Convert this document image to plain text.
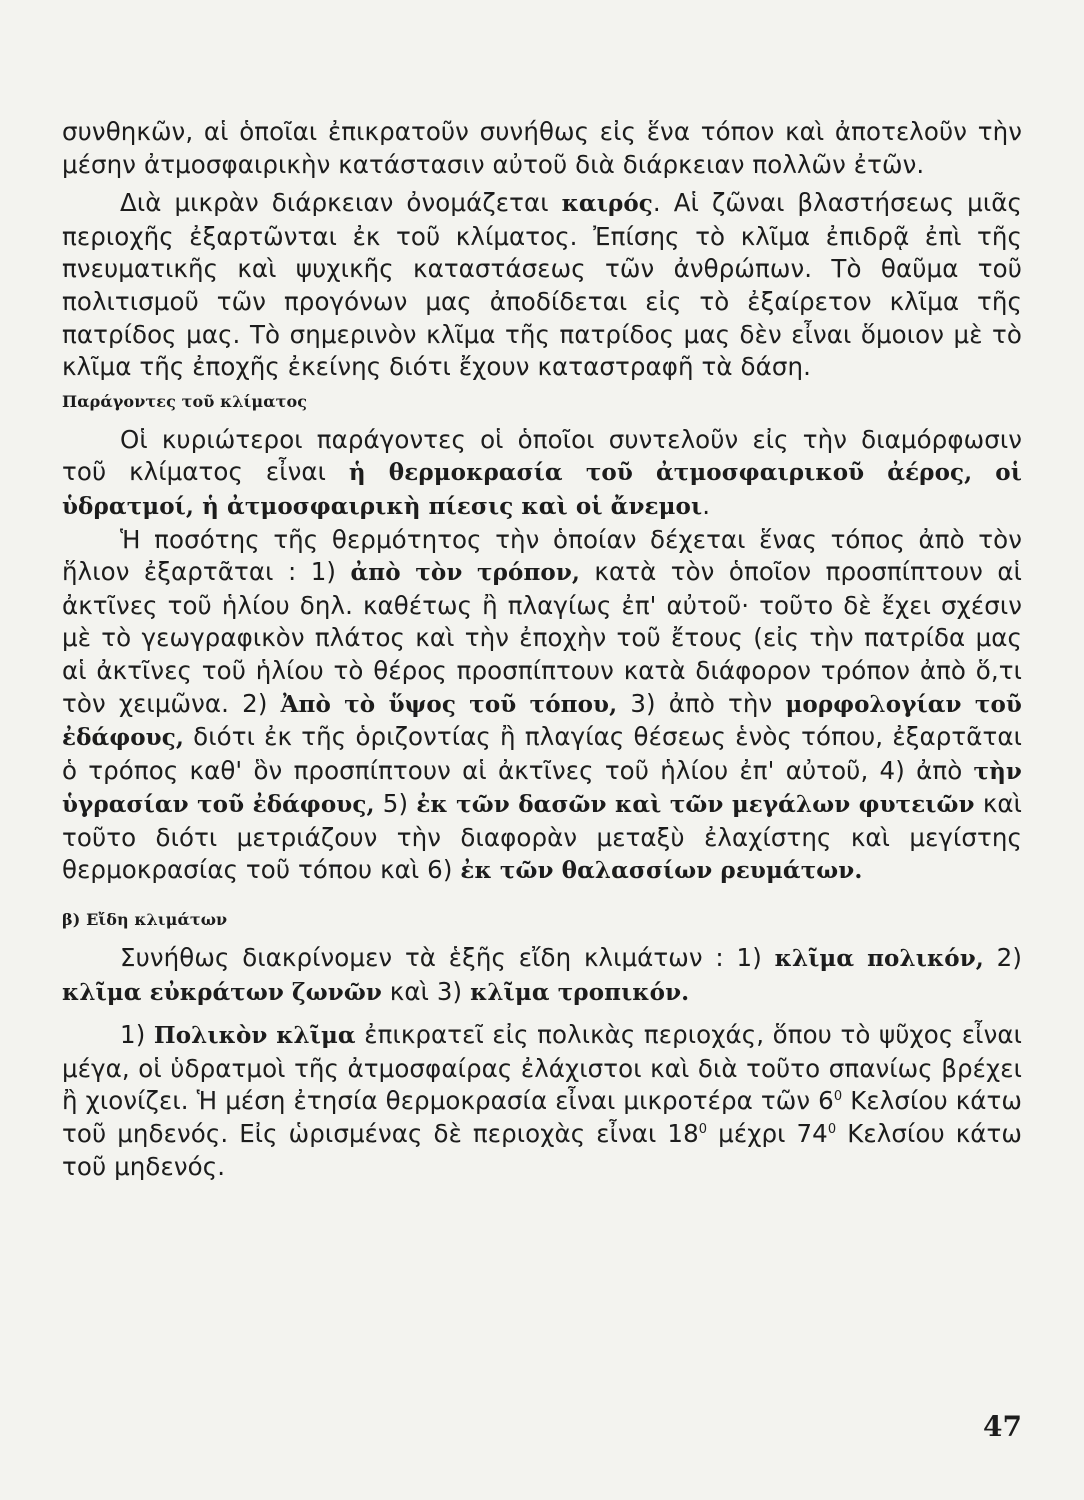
συνθηκῶν, αἱ ὁποῖαι ἐπικρατοῦν συνήθως εἰς ἕνα τόπον καὶ ἀποτελοῦν τὴν μέσην ἀτμοσφαιρικὴν κατάστασιν αὐτοῦ διὰ διάρκειαν πολλῶν ἐτῶν.

Διὰ μικρὰν διάρκειαν ὀνομάζεται καιρός. Αἱ ζῶναι βλαστήσεως μιᾶς περιοχῆς ἐξαρτῶνται ἐκ τοῦ κλίματος. Ἐπίσης τὸ κλῖμα ἐπιδρᾷ ἐπὶ τῆς πνευματικῆς καὶ ψυχικῆς καταστάσεως τῶν ἀνθρώπων. Τὸ θαῦμα τοῦ πολιτισμοῦ τῶν προγόνων μας ἀποδίδεται εἰς τὸ ἐξαίρετον κλῖμα τῆς πατρίδος μας. Τὸ σημερινὸν κλῖμα τῆς πατρίδος μας δὲν εἶναι ὅμοιον μὲ τὸ κλῖμα τῆς ἐποχῆς ἐκείνης διότι ἔχουν καταστραφῆ τὰ δάση.

Παράγοντες τοῦ κλίματος

Οἱ κυριώτεροι παράγοντες οἱ ὁποῖοι συντελοῦν εἰς τὴν διαμόρφωσιν τοῦ κλίματος εἶναι ἡ θερμοκρασία τοῦ ἀτμοσφαιρικοῦ ἀέρος, οἱ ὑδρατμοί, ἡ ἀτμοσφαιρικὴ πίεσις καὶ οἱ ἄνεμοι.

Ἡ ποσότης τῆς θερμότητος τὴν ὁποίαν δέχεται ἕνας τόπος ἀπὸ τὸν ἥλιον ἐξαρτᾶται : 1) ἀπὸ τὸν τρόπον, κατὰ τὸν ὁποῖον προσπίπτουν αἱ ἀκτῖνες τοῦ ἡλίου δηλ. καθέτως ἢ πλαγίως ἐπ' αὐτοῦ· τοῦτο δὲ ἔχει σχέσιν μὲ τὸ γεωγραφικὸν πλάτος καὶ τὴν ἐποχὴν τοῦ ἔτους (εἰς τὴν πατρίδα μας αἱ ἀκτῖνες τοῦ ἡλίου τὸ θέρος προσπίπτουν κατὰ διάφορον τρόπον ἀπὸ ὅ,τι τὸν χειμῶνα. 2) Ἀπὸ τὸ ὕψος τοῦ τόπου, 3) ἀπὸ τὴν μορφολογίαν τοῦ ἐδάφους, διότι ἐκ τῆς ὁριζοντίας ἢ πλαγίας θέσεως ἑνὸς τόπου, ἐξαρτᾶται ὁ τρόπος καθ' ὃν προσπίπτουν αἱ ἀκτῖνες τοῦ ἡλίου ἐπ' αὐτοῦ, 4) ἀπὸ τὴν ὑγρασίαν τοῦ ἐδάφους, 5) ἐκ τῶν δασῶν καὶ τῶν μεγάλων φυτειῶν καὶ τοῦτο διότι μετριάζουν τὴν διαφορὰν μεταξὺ ἐλαχίστης καὶ μεγίστης θερμοκρασίας τοῦ τόπου καὶ 6) ἐκ τῶν θαλασσίων ρευμάτων.

β) Εἴδη κλιμάτων

Συνήθως διακρίνομεν τὰ ἑξῆς εἴδη κλιμάτων : 1) κλῖμα πολικόν, 2) κλῖμα εὐκράτων ζωνῶν καὶ 3) κλῖμα τροπικόν.

1) Πολικὸν κλῖμα ἐπικρατεῖ εἰς πολικὰς περιοχάς, ὅπου τὸ ψῦχος εἶναι μέγα, οἱ ὑδρατμοὶ τῆς ἀτμοσφαίρας ἐλάχιστοι καὶ διὰ τοῦτο σπανίως βρέχει ἢ χιονίζει. Ἡ μέση ἐτησία θερμοκρασία εἶναι μικροτέρα τῶν $6^0$ Κελσίου κάτω τοῦ μηδενός. Εἰς ὡρισμένας δὲ περιοχὰς εἶναι $18^0$ μέχρι $74^0$ Κελσίου κάτω τοῦ μηδενός.

47
